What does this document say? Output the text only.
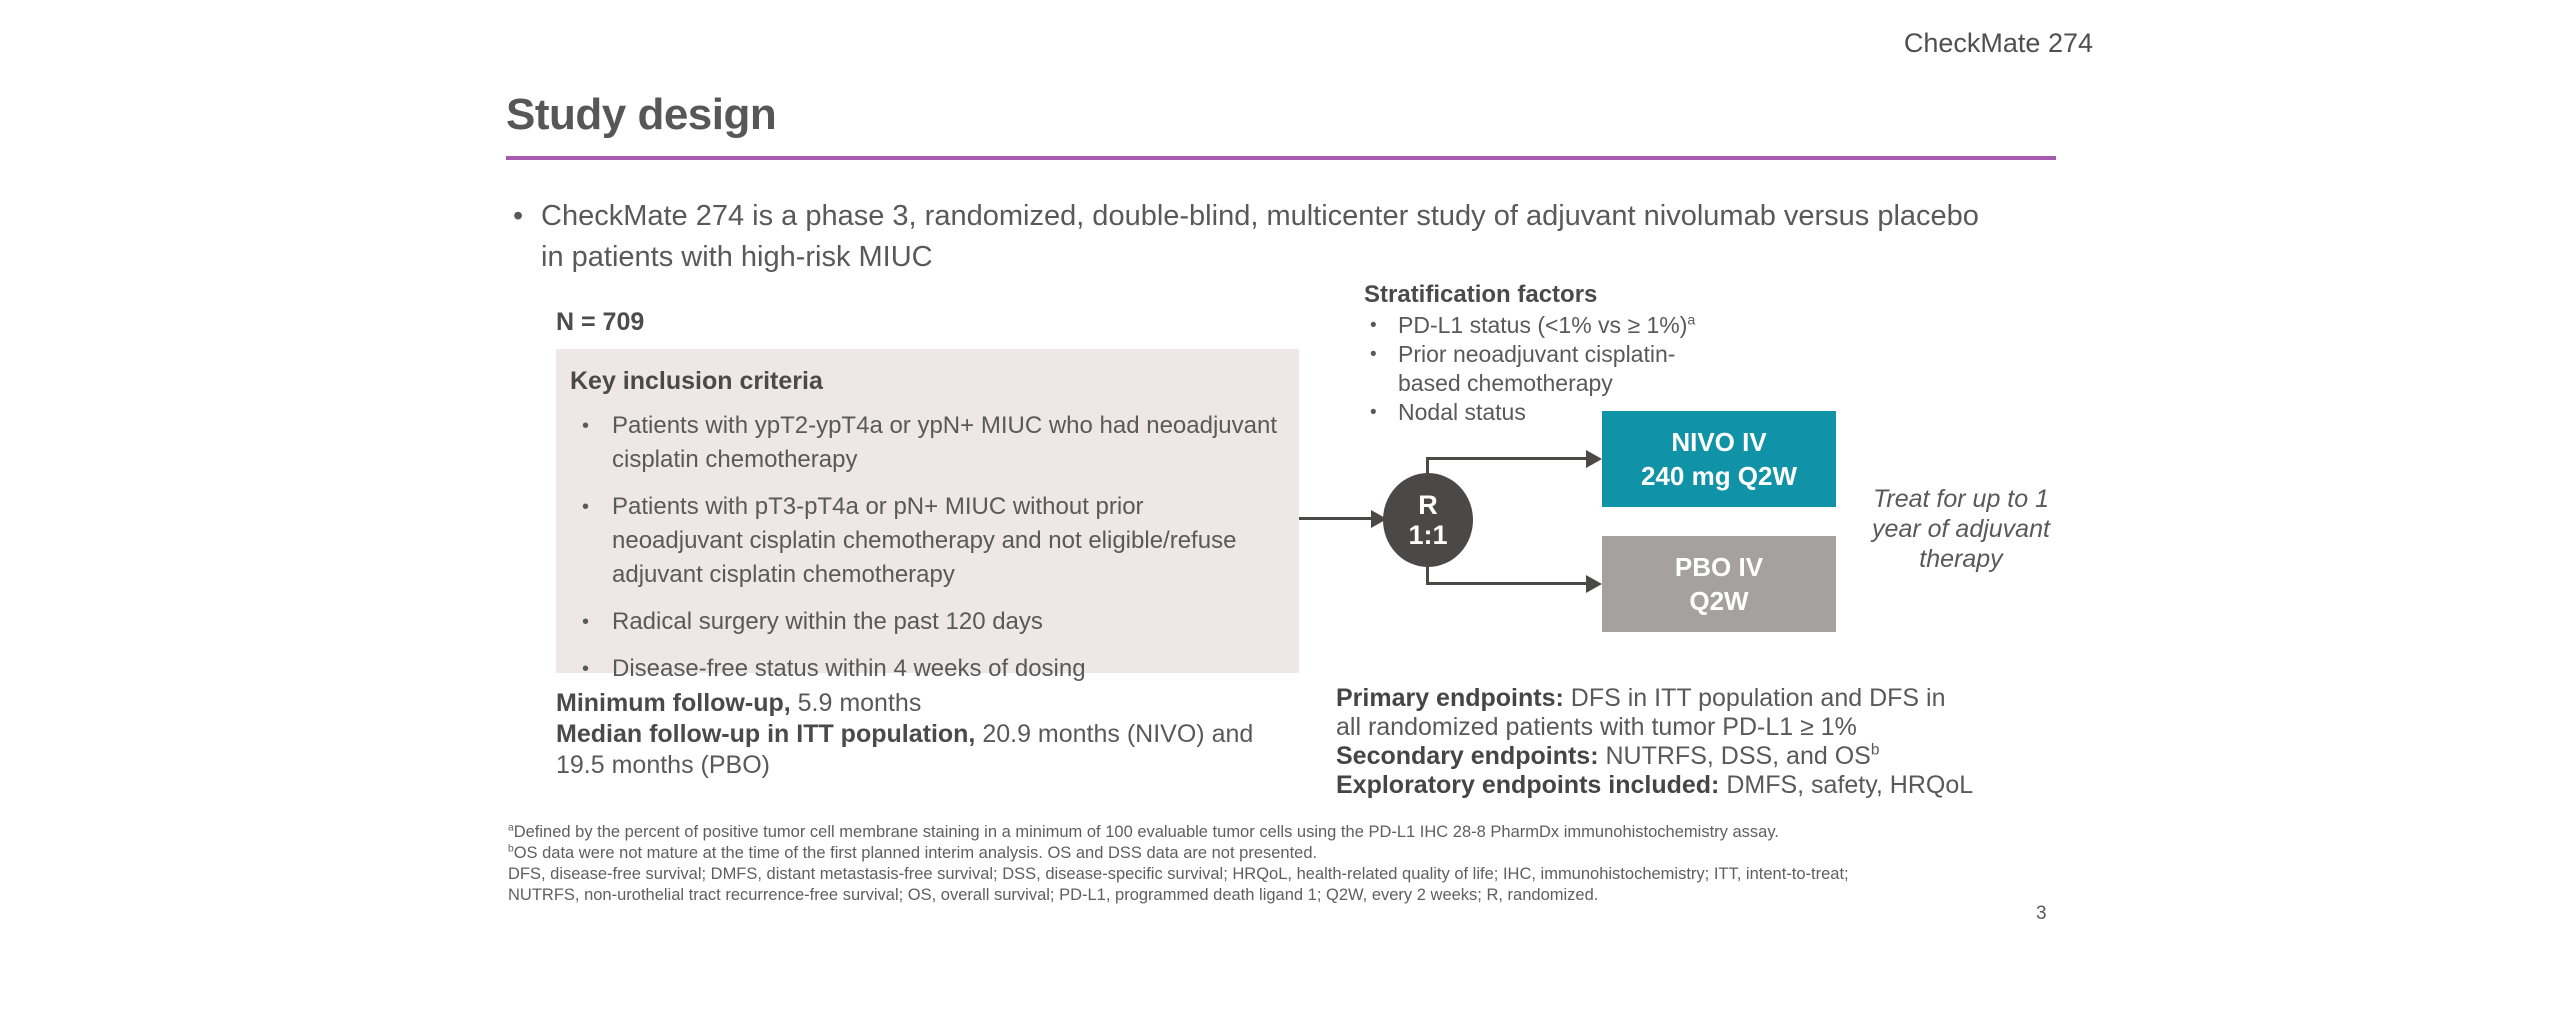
CheckMate 274
Study design
• CheckMate 274 is a phase 3, randomized, double-blind, multicenter study of adjuvant nivolumab versus placebo in patients with high-risk MIUC
N = 709
Key inclusion criteria
• Patients with ypT2-ypT4a or ypN+ MIUC who had neoadjuvant cisplatin chemotherapy
• Patients with pT3-pT4a or pN+ MIUC without prior neoadjuvant cisplatin chemotherapy and not eligible/refuse adjuvant cisplatin chemotherapy
• Radical surgery within the past 120 days
• Disease-free status within 4 weeks of dosing
Minimum follow-up, 5.9 months
Median follow-up in ITT population, 20.9 months (NIVO) and 19.5 months (PBO)
Stratification factors
• PD-L1 status (<1% vs ≥ 1%)$^a$
• Prior neoadjuvant cisplatin-based chemotherapy
• Nodal status
R
1:1
NIVO IV
240 mg Q2W
PBO IV
Q2W
Treat for up to 1 year of adjuvant therapy
Primary endpoints: DFS in ITT population and DFS in all randomized patients with tumor PD-L1 ≥ 1%
Secondary endpoints: NUTRFS, DSS, and $OS^b$
Exploratory endpoints included: DMFS, safety, HRQoL
$^a$Defined by the percent of positive tumor cell membrane staining in a minimum of 100 evaluable tumor cells using the PD-L1 IHC 28-8 PharmDx immunohistochemistry assay.
$^b$OS data were not mature at the time of the first planned interim analysis. OS and DSS data are not presented.
DFS, disease-free survival; DMFS, distant metastasis-free survival; DSS, disease-specific survival; HRQoL, health-related quality of life; IHC, immunohistochemistry; ITT, intent-to-treat;
NUTRFS, non-urothelial tract recurrence-free survival; OS, overall survival; PD-L1, programmed death ligand 1; Q2W, every 2 weeks; R, randomized.
3
